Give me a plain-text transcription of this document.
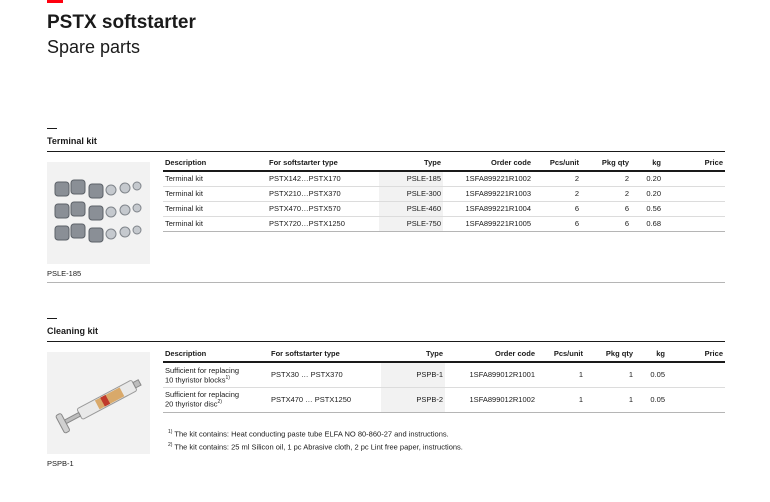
PSTX softstarter
Spare parts
Terminal kit
PSLE-185
Description	For softstarter type	Type	Order code	Pcs/unit	Pkg qty	kg	Price
Terminal kit	PSTX142…PSTX170	PSLE-185	1SFA899221R1002	2	2	0.20	
Terminal kit	PSTX210…PSTX370	PSLE-300	1SFA899221R1003	2	2	0.20	
Terminal kit	PSTX470…PSTX570	PSLE-460	1SFA899221R1004	6	6	0.56	
Terminal kit	PSTX720…PSTX1250	PSLE-750	1SFA899221R1005	6	6	0.68	
Cleaning kit
PSPB-1
Description	For softstarter type	Type	Order code	Pcs/unit	Pkg qty	kg	Price

Sufficient for replacing
10 thyristor blocks$^{1)}$	PSTX30 … PSTX370	PSPB-1	1SFA899012R1001	1	1	0.05	

Sufficient for replacing
20 thyristor disc$^{2)}$	PSTX470 … PSTX1250	PSPB-2	1SFA899012R1002	1	1	0.05	
$^{1)}$ The kit contains: Heat conducting paste tube ELFA NO 80-860-27 and instructions.
$^{2)}$ The kit contains: 25 ml Silicon oil, 1 pc Abrasive cloth, 2 pc Lint free paper, instructions.
